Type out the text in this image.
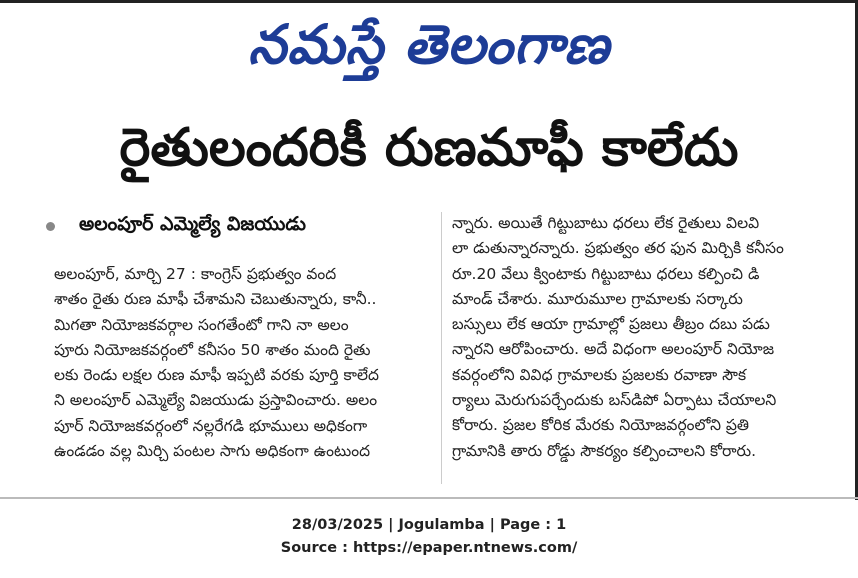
నమస్తే తెలంగాణ
రైతులందరికీ రుణమాఫీ కాలేదు
అలంపూర్ ఎమ్మెల్యే విజయుడు
అలంపూర్, మార్చి 27 : కాంగ్రెస్ ప్రభుత్వం వంద
శాతం రైతు రుణ మాఫీ చేశామని చెబుతున్నారు, కానీ..
మిగతా నియోజకవర్గాల సంగతేంటో గాని నా అలం
పూరు నియోజకవర్గంలో కనీసం 50 శాతం మంది రైతు
లకు రెండు లక్షల రుణ మాఫీ ఇప్పటి వరకు పూర్తి కాలేద
ని అలంపూర్ ఎమ్మెల్యే విజయుడు ప్రస్తావించారు. అలం
పూర్ నియోజకవర్గంలో నల్లరేగడి భూములు అధికంగా
ఉండడం వల్ల మిర్చి పంటల సాగు అధికంగా ఉంటుంద
న్నారు. అయితే గిట్టుబాటు ధరలు లేక రైతులు విలవి
లా డుతున్నారన్నారు. ప్రభుత్వం తర ఫున మిర్చికి కనీసం
రూ.20 వేలు క్వింటాకు గిట్టుబాటు ధరలు కల్పించి డి
మాండ్ చేశారు. మూరుమూల గ్రామాలకు సర్కారు
బస్సులు లేక ఆయా గ్రామాల్లో ప్రజలు తీబ్రం దబు పడు
న్నారని ఆరోపించారు. అదే విధంగా అలంపూర్ నియోజ
కవర్గంలోని వివిధ గ్రామాలకు ప్రజలకు రవాణా సౌక
ర్యాలు మెరుగుపర్చేందుకు బస్‌డిపో ఏర్పాటు చేయాలని
కోరారు. ప్రజల కోరిక మేరకు నియోజవర్గంలోని ప్రతి
గ్రామానికి తారు రోడ్డు సౌకర్యం కల్పించాలని కోరారు.
28/03/2025 | Jogulamba | Page : 1
Source : https://epaper.ntnews.com/
